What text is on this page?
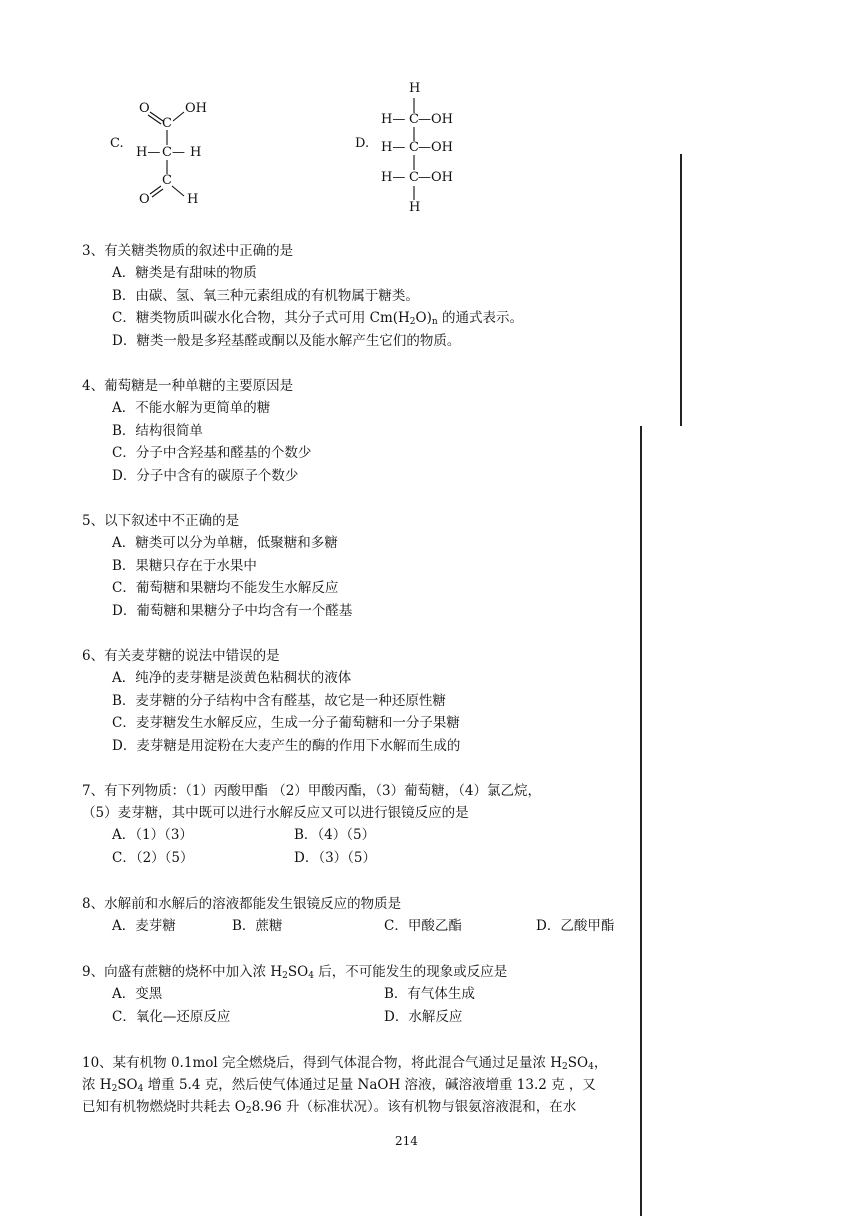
C.
O	OH
C
H— C— H
C
O	H
D.
H
H— C —OH
H— C —OH
H— C —OH
H
3、有关糖类物质的叙述中正确的是
A．糖类是有甜味的物质
B．由碳、氢、氧三种元素组成的有机物属于糖类。
C．糖类物质叫碳水化合物，其分子式可用 $Cm(H_2O)_n$ 的通式表示。
D．糖类一般是多羟基醛或酮以及能水解产生它们的物质。
4、葡萄糖是一种单糖的主要原因是
A．不能水解为更简单的糖
B．结构很简单
C．分子中含羟基和醛基的个数少
D．分子中含有的碳原子个数少
5、以下叙述中不正确的是
A．糖类可以分为单糖，低聚糖和多糖
B．果糖只存在于水果中
C．葡萄糖和果糖均不能发生水解反应
D．葡萄糖和果糖分子中均含有一个醛基
6、有关麦芽糖的说法中错误的是
A．纯净的麦芽糖是淡黄色粘稠状的液体
B．麦芽糖的分子结构中含有醛基，故它是一种还原性糖
C．麦芽糖发生水解反应，生成一分子葡萄糖和一分子果糖
D．麦芽糖是用淀粉在大麦产生的酶的作用下水解而生成的
7、有下列物质：（1）丙酸甲酯 （2）甲酸丙酯，（3）葡萄糖，（4）氯乙烷，
（5）麦芽糖，其中既可以进行水解反应又可以进行银镜反应的是
A．（1）（3）	B．（4）（5）
C．（2）（5）	D．（3）（5）
8、水解前和水解后的溶液都能发生银镜反应的物质是
A．麦芽糖	B．蔗糖	C．甲酸乙酯	D．乙酸甲酯
9、向盛有蔗糖的烧杯中加入浓 $H_2SO_4$ 后，不可能发生的现象或反应是
A．变黑	B．有气体生成
C．氧化—还原反应	D．水解反应
10、某有机物 0.1mol 完全燃烧后，得到气体混合物，将此混合气通过足量浓 $H_2SO_4$，
浓 $H_2SO_4$ 增重 5.4 克，然后使气体通过足量 NaOH 溶液，碱溶液增重 13.2 克 ，又
已知有机物燃烧时共耗去 $O_28.96$ 升（标准状况）。该有机物与银氨溶液混和，在水
214
